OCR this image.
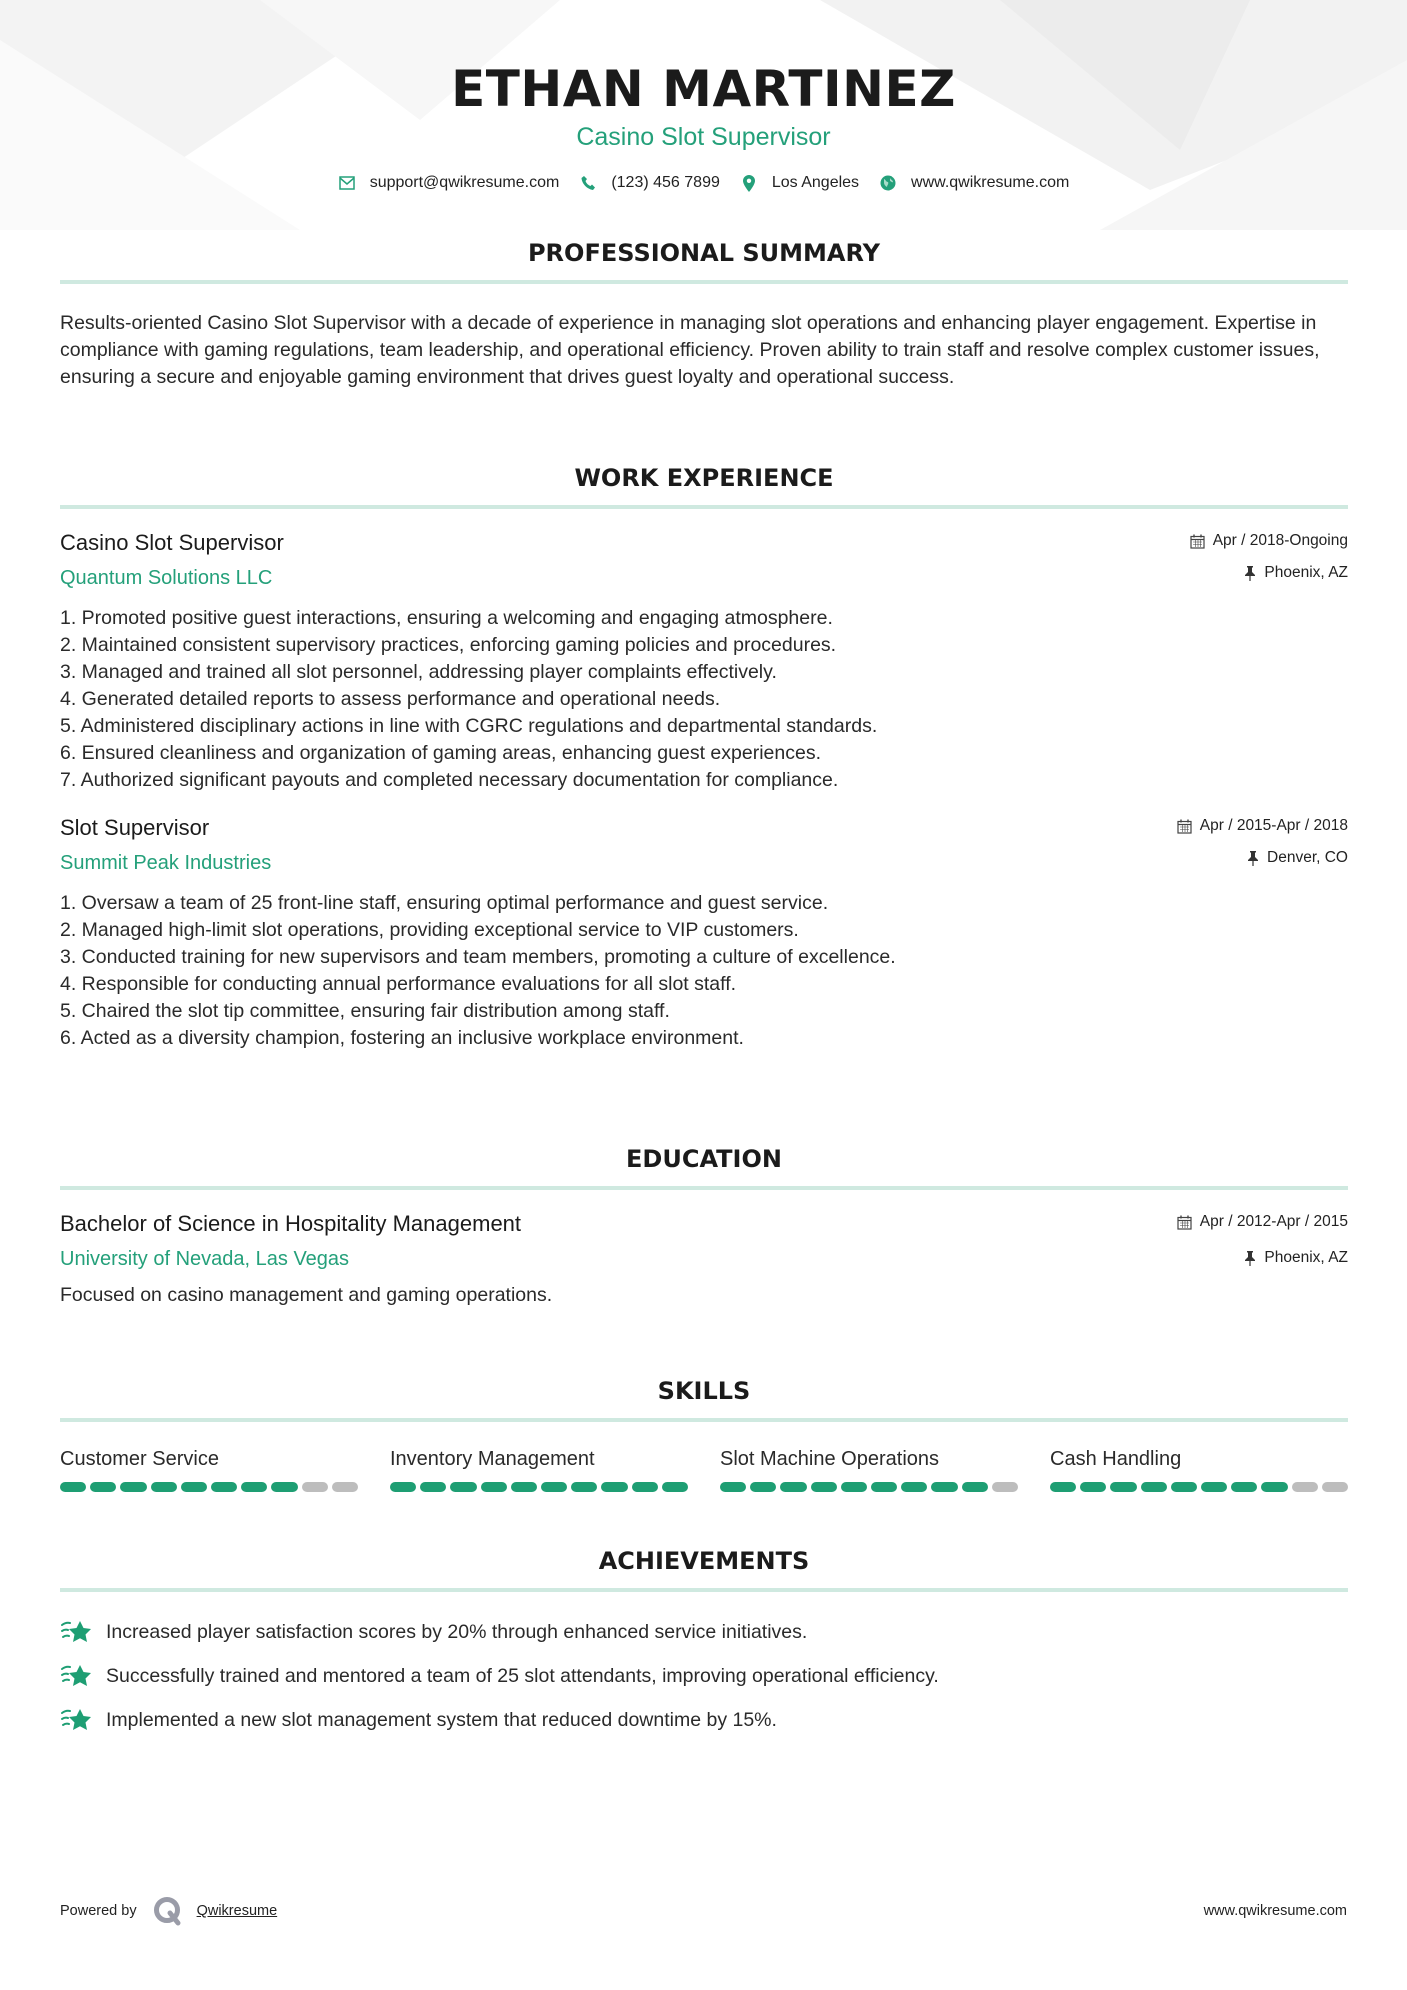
ETHAN MARTINEZ
Casino Slot Supervisor
support@qwikresume.com	(123) 456 7899	Los Angeles	www.qwikresume.com
PROFESSIONAL SUMMARY

Results-oriented Casino Slot Supervisor with a decade of experience in managing slot operations and enhancing player engagement. Expertise in compliance with gaming regulations, team leadership, and operational efficiency. Proven ability to train staff and resolve complex customer issues, ensuring a secure and enjoyable gaming environment that drives guest loyalty and operational success.

WORK EXPERIENCE
Casino Slot Supervisor
Quantum Solutions LLC
Apr / 2018-Ongoing
Phoenix, AZ
1. Promoted positive guest interactions, ensuring a welcoming and engaging atmosphere.
2. Maintained consistent supervisory practices, enforcing gaming policies and procedures.
3. Managed and trained all slot personnel, addressing player complaints effectively.
4. Generated detailed reports to assess performance and operational needs.
5. Administered disciplinary actions in line with CGRC regulations and departmental standards.
6. Ensured cleanliness and organization of gaming areas, enhancing guest experiences.
7. Authorized significant payouts and completed necessary documentation for compliance.
Slot Supervisor
Summit Peak Industries
Apr / 2015-Apr / 2018
Denver, CO
1. Oversaw a team of 25 front-line staff, ensuring optimal performance and guest service.
2. Managed high-limit slot operations, providing exceptional service to VIP customers.
3. Conducted training for new supervisors and team members, promoting a culture of excellence.
4. Responsible for conducting annual performance evaluations for all slot staff.
5. Chaired the slot tip committee, ensuring fair distribution among staff.
6. Acted as a diversity champion, fostering an inclusive workplace environment.
EDUCATION
Bachelor of Science in Hospitality Management
University of Nevada, Las Vegas
Apr / 2012-Apr / 2015
Phoenix, AZ

Focused on casino management and gaming operations.

SKILLS
Customer Service	Inventory Management	Slot Machine Operations	Cash Handling
ACHIEVEMENTS
Increased player satisfaction scores by 20% through enhanced service initiatives.
Successfully trained and mentored a team of 25 slot attendants, improving operational efficiency.
Implemented a new slot management system that reduced downtime by 15%.
Powered by	Qwikresume	www.qwikresume.com
